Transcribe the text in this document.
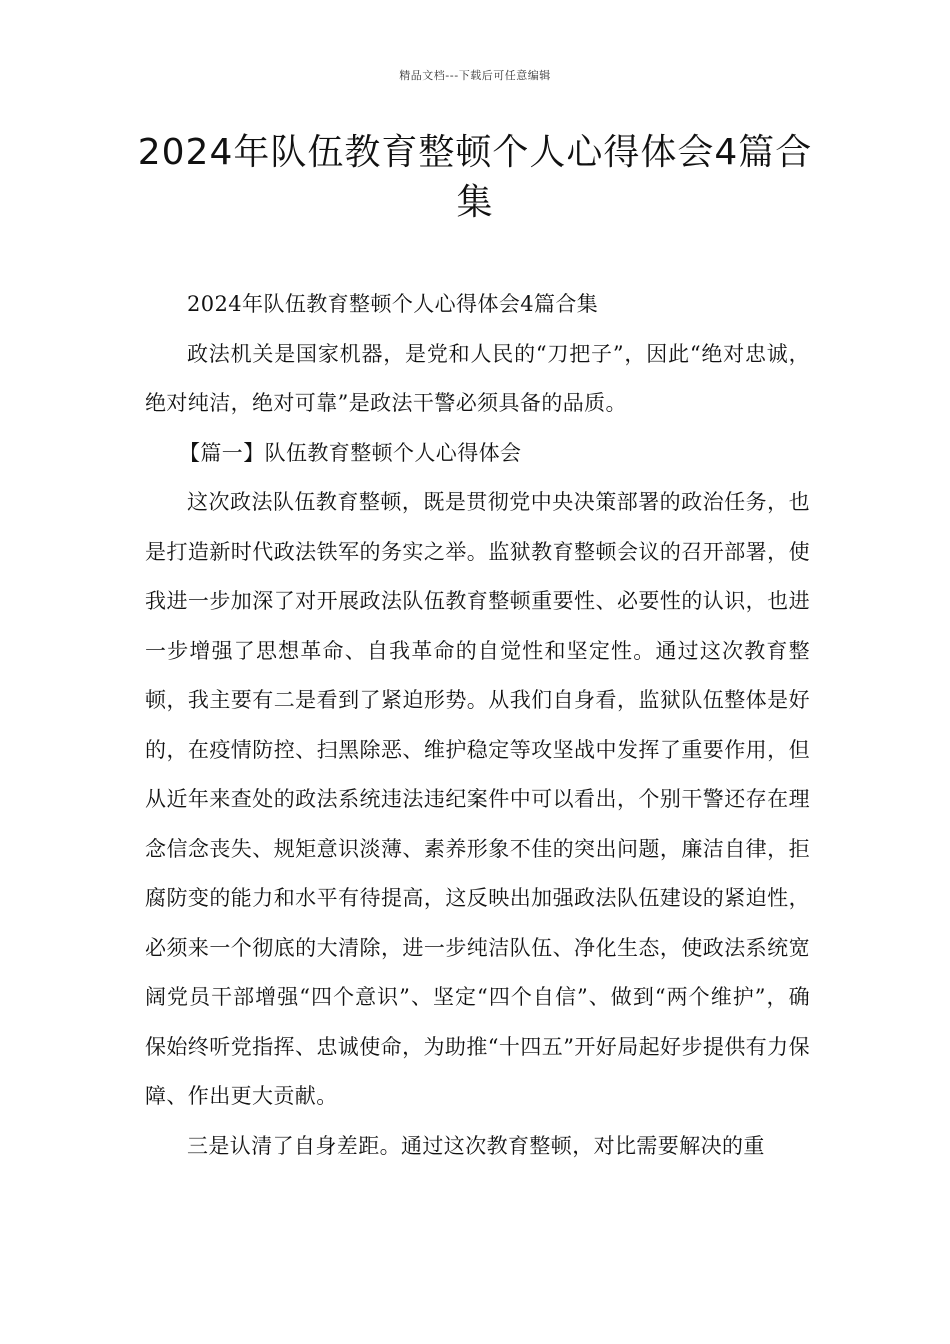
精品文档---下载后可任意编辑
2024年队伍教育整顿个人心得体会4篇合集

2024年队伍教育整顿个人心得体会4篇合集

政法机关是国家机器，是党和人民的“刀把子”，因此“绝对忠诚，绝对纯洁，绝对可靠”是政法干警必须具备的品质。

【篇一】队伍教育整顿个人心得体会

这次政法队伍教育整顿，既是贯彻党中央决策部署的政治任务，也是打造新时代政法铁军的务实之举。监狱教育整顿会议的召开部署，使我进一步加深了对开展政法队伍教育整顿重要性、必要性的认识，也进一步增强了思想革命、自我革命的自觉性和坚定性。通过这次教育整顿，我主要有二是看到了紧迫形势。从我们自身看，监狱队伍整体是好的，在疫情防控、扫黑除恶、维护稳定等攻坚战中发挥了重要作用，但从近年来查处的政法系统违法违纪案件中可以看出，个别干警还存在理念信念丧失、规矩意识淡薄、素养形象不佳的突出问题，廉洁自律，拒腐防变的能力和水平有待提高，这反映出加强政法队伍建设的紧迫性，必须来一个彻底的大清除，进一步纯洁队伍、净化生态，使政法系统宽阔党员干部增强“四个意识”、坚定“四个自信”、做到“两个维护”，确保始终听党指挥、忠诚使命，为助推“十四五”开好局起好步提供有力保障、作出更大贡献。

三是认清了自身差距。通过这次教育整顿，对比需要解决的重
